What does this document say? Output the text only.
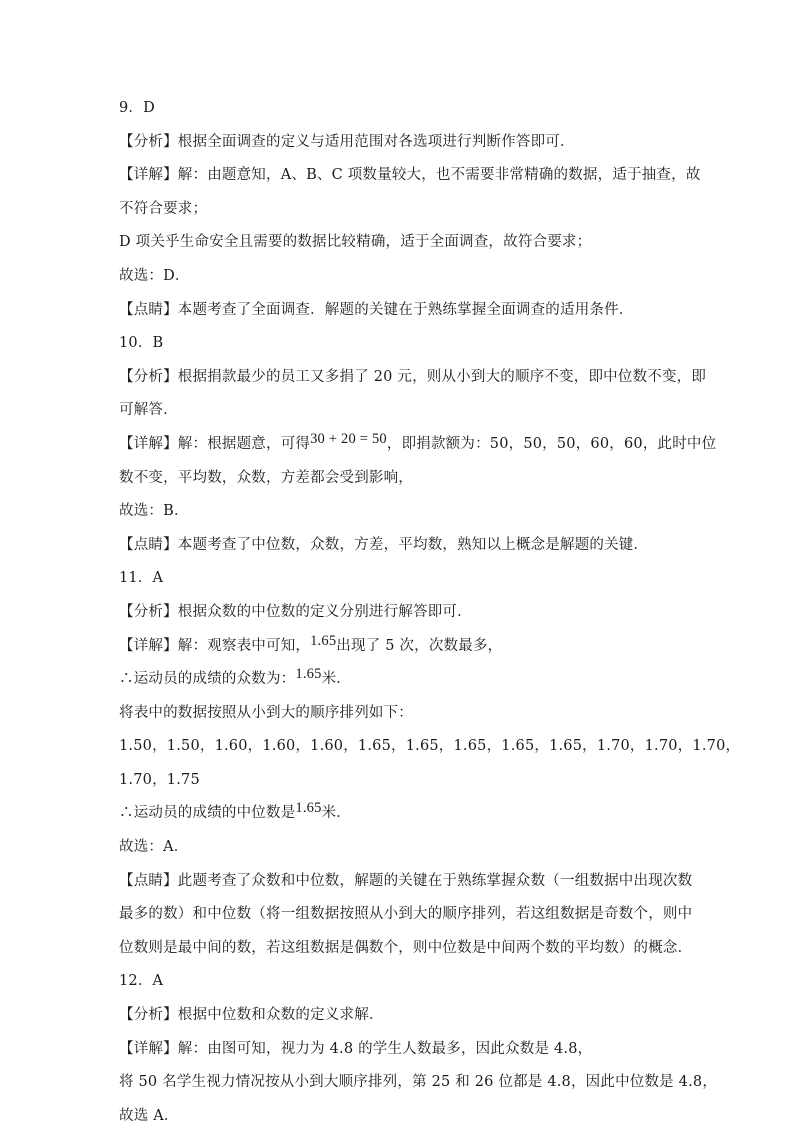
9．D
【分析】根据全面调查的定义与适用范围对各选项进行判断作答即可．
【详解】解：由题意知，A、B、C 项数量较大，也不需要非常精确的数据，适于抽查，故
不符合要求；
D 项关乎生命安全且需要的数据比较精确，适于全面调查，故符合要求；
故选：D．
【点睛】本题考查了全面调查．解题的关键在于熟练掌握全面调查的适用条件．
10．B
【分析】根据捐款最少的员工又多捐了 20 元，则从小到大的顺序不变，即中位数不变，即
可解答．
【详解】解：根据题意，可得30 + 20 = 50，即捐款额为：50，50，50，60，60，此时中位
数不变，平均数，众数，方差都会受到影响，
故选：B．
【点睛】本题考查了中位数，众数，方差，平均数，熟知以上概念是解题的关键．
11．A
【分析】根据众数的中位数的定义分别进行解答即可．
【详解】解：观察表中可知，1.65出现了 5 次，次数最多，
∴运动员的成绩的众数为：1.65米．
将表中的数据按照从小到大的顺序排列如下：
1.50，1.50，1.60，1.60，1.60，1.65，1.65，1.65，1.65，1.65，1.70，1.70，1.70，
1.70，1.75
∴运动员的成绩的中位数是1.65米．
故选：A．
【点睛】此题考查了众数和中位数，解题的关键在于熟练掌握众数（一组数据中出现次数
最多的数）和中位数（将一组数据按照从小到大的顺序排列，若这组数据是奇数个，则中
位数则是最中间的数，若这组数据是偶数个，则中位数是中间两个数的平均数）的概念．
12．A
【分析】根据中位数和众数的定义求解．
【详解】解：由图可知，视力为 4.8 的学生人数最多，因此众数是 4.8，
将 50 名学生视力情况按从小到大顺序排列，第 25 和 26 位都是 4.8，因此中位数是 4.8，
故选 A．
